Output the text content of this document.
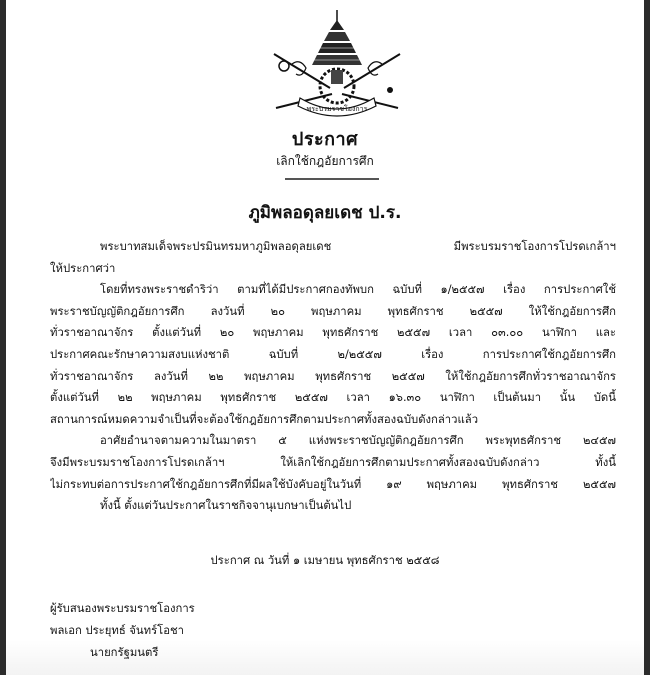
พระบรมราชโองการ
ประกาศ
เลิกใช้กฎอัยการศึก
ภูมิพลอดุลยเดช ป.ร.
พระบาทสมเด็จพระปรมินทรมหาภูมิพลอดุลยเดช มีพระบรมราชโองการโปรดเกล้าฯ
ให้ประกาศว่า
โดยที่ทรงพระราชดำริว่า ตามที่ได้มีประกาศกองทัพบก ฉบับที่ ๑/๒๕๕๗ เรื่อง การประกาศใช้
พระราชบัญญัติกฎอัยการศึก ลงวันที่ ๒๐ พฤษภาคม พุทธศักราช ๒๕๕๗ ให้ใช้กฎอัยการศึก
ทั่วราชอาณาจักร ตั้งแต่วันที่ ๒๐ พฤษภาคม พุทธศักราช ๒๕๕๗ เวลา ๐๓.๐๐ นาฬิกา และ
ประกาศคณะรักษาความสงบแห่งชาติ ฉบับที่ ๒/๒๕๕๗ เรื่อง การประกาศใช้กฎอัยการศึก
ทั่วราชอาณาจักร ลงวันที่ ๒๒ พฤษภาคม พุทธศักราช ๒๕๕๗ ให้ใช้กฎอัยการศึกทั่วราชอาณาจักร
ตั้งแต่วันที่ ๒๒ พฤษภาคม พุทธศักราช ๒๕๕๗ เวลา ๑๖.๓๐ นาฬิกา เป็นต้นมา นั้น บัดนี้
สถานการณ์หมดความจำเป็นที่จะต้องใช้กฎอัยการศึกตามประกาศทั้งสองฉบับดังกล่าวแล้ว
อาศัยอำนาจตามความในมาตรา ๕ แห่งพระราชบัญญัติกฎอัยการศึก พระพุทธศักราช ๒๔๕๗
จึงมีพระบรมราชโองการโปรดเกล้าฯ ให้เลิกใช้กฎอัยการศึกตามประกาศทั้งสองฉบับดังกล่าว ทั้งนี้
ไม่กระทบต่อการประกาศใช้กฎอัยการศึกที่มีผลใช้บังคับอยู่ในวันที่ ๑๙ พฤษภาคม พุทธศักราช ๒๕๕๗
ทั้งนี้ ตั้งแต่วันประกาศในราชกิจจานุเบกษาเป็นต้นไป
ประกาศ ณ วันที่ ๑ เมษายน พุทธศักราช ๒๕๕๘
ผู้รับสนองพระบรมราชโองการ
พลเอก ประยุทธ์ จันทร์โอชา
นายกรัฐมนตรี
